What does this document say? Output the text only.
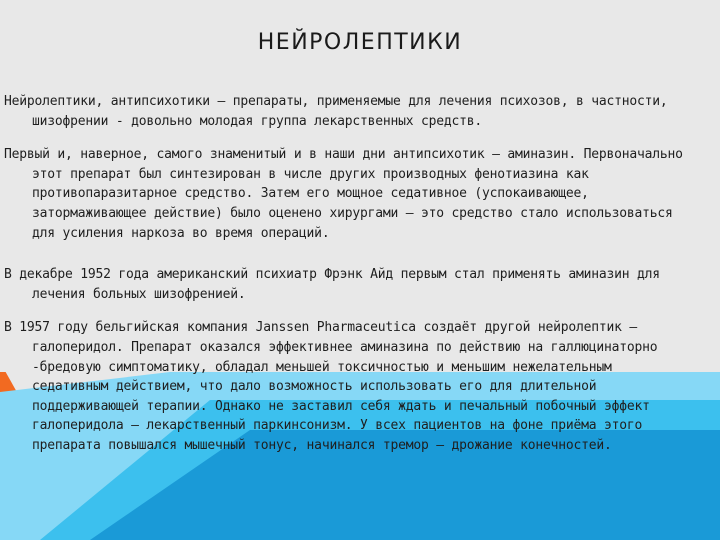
НЕЙРОЛЕПТИКИ

Нейролептики, антипсихотики – препараты, применяемые для лечения психозов, в частности, шизофрении - довольно молодая группа лекарственных средств.

Первый и, наверное, самого знаменитый и в наши дни антипсихотик – аминазин. Первоначально этот препарат был синтезирован в числе других производных фенотиазина как противопаразитарное средство. Затем его мощное седативное (успокаивающее, затормаживающее действие) было оценено хирургами – это средство стало использоваться для усиления наркоза во время операций.

В декабре 1952 года американский психиатр Фрэнк Айд первым стал применять аминазин для лечения больных шизофренией.

В 1957 году бельгийская компания Janssen Pharmaceutica создаёт другой нейролептик – галоперидол. Препарат оказался эффективнее аминазина по действию на галлюцинаторно -бредовую симптоматику, обладал меньшей токсичностью и меньшим нежелательным седативным действием, что дало возможность использовать его для длительной поддерживающей терапии. Однако не заставил себя ждать и печальный побочный эффект галоперидола – лекарственный паркинсонизм. У всех пациентов на фоне приёма этого препарата повышался мышечный тонус, начинался тремор – дрожание конечностей.
